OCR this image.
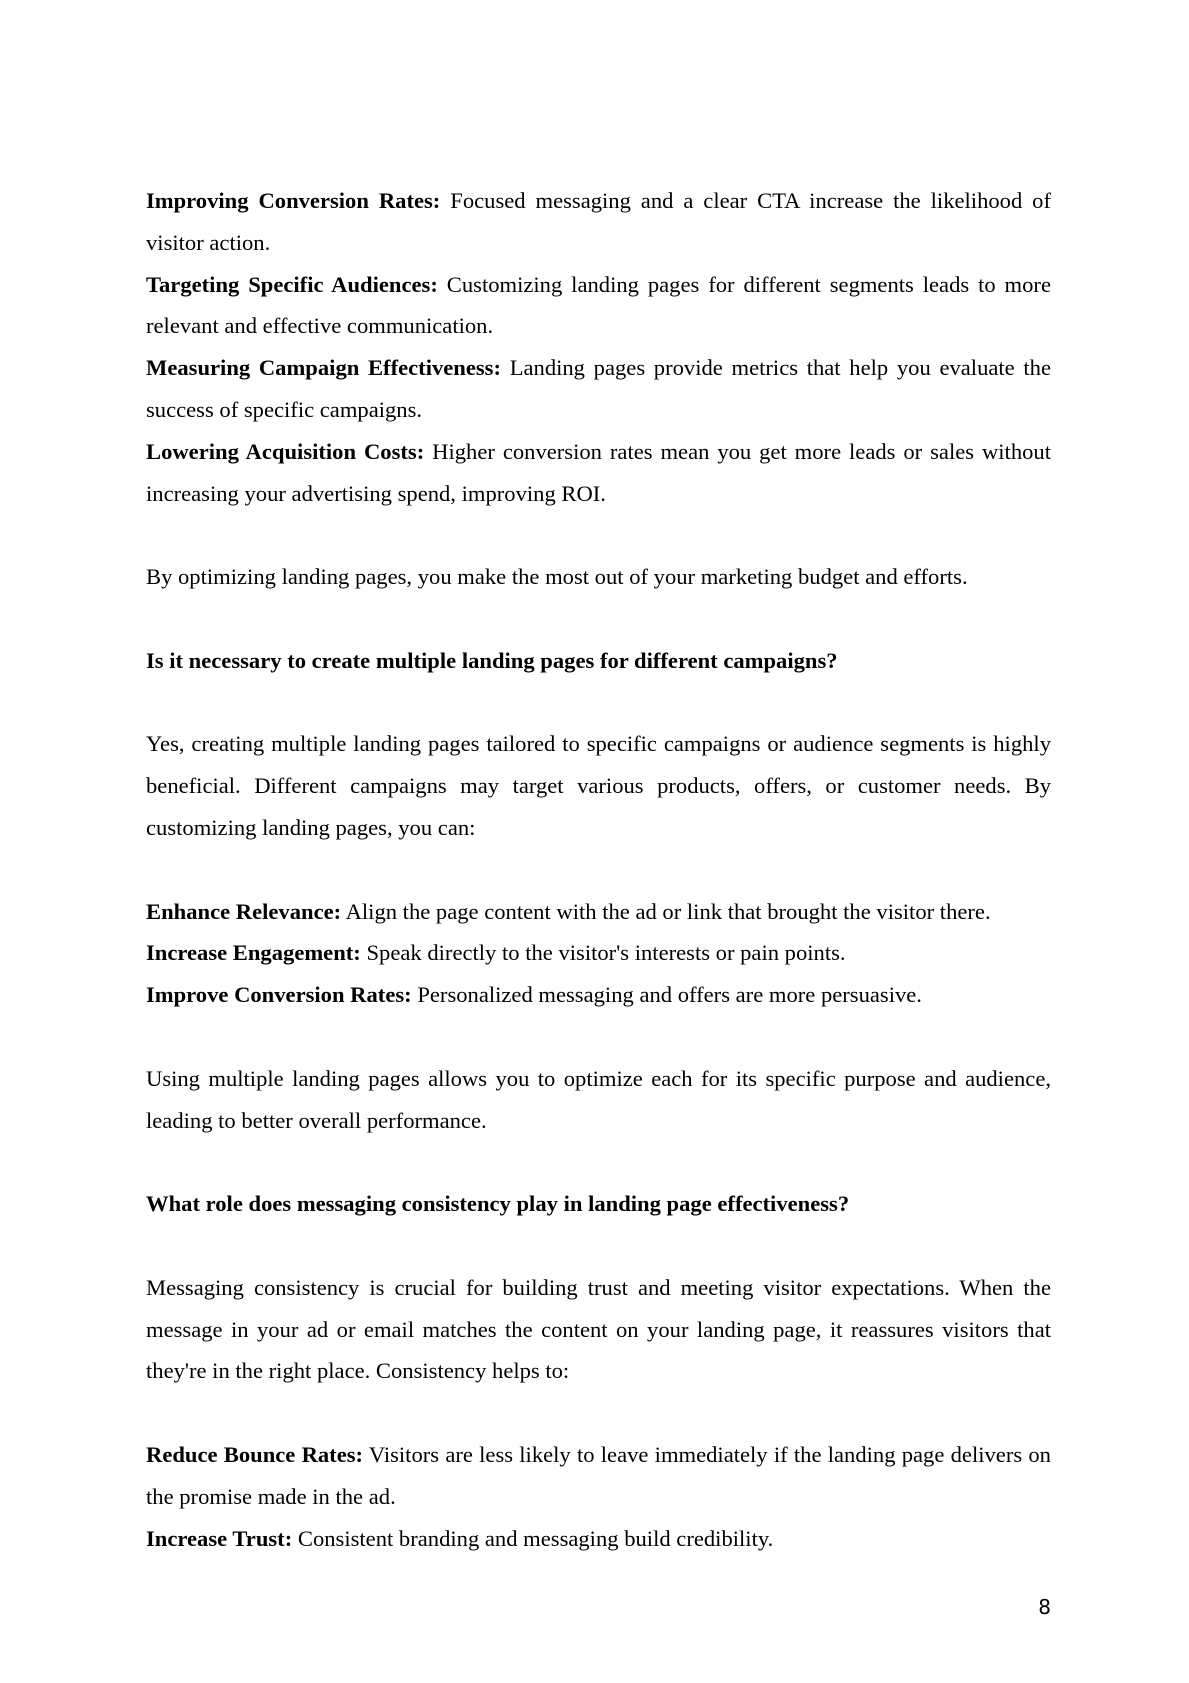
Improving Conversion Rates: Focused messaging and a clear CTA increase the likelihood of visitor action.

Targeting Specific Audiences: Customizing landing pages for different segments leads to more relevant and effective communication.

Measuring Campaign Effectiveness: Landing pages provide metrics that help you evaluate the success of specific campaigns.

Lowering Acquisition Costs: Higher conversion rates mean you get more leads or sales without increasing your advertising spend, improving ROI.

By optimizing landing pages, you make the most out of your marketing budget and efforts.

Is it necessary to create multiple landing pages for different campaigns?

Yes, creating multiple landing pages tailored to specific campaigns or audience segments is highly beneficial. Different campaigns may target various products, offers, or customer needs. By customizing landing pages, you can:

Enhance Relevance: Align the page content with the ad or link that brought the visitor there.

Increase Engagement: Speak directly to the visitor's interests or pain points.

Improve Conversion Rates: Personalized messaging and offers are more persuasive.

Using multiple landing pages allows you to optimize each for its specific purpose and audience, leading to better overall performance.

What role does messaging consistency play in landing page effectiveness?

Messaging consistency is crucial for building trust and meeting visitor expectations. When the message in your ad or email matches the content on your landing page, it reassures visitors that they're in the right place. Consistency helps to:

Reduce Bounce Rates: Visitors are less likely to leave immediately if the landing page delivers on the promise made in the ad.

Increase Trust: Consistent branding and messaging build credibility.

8
